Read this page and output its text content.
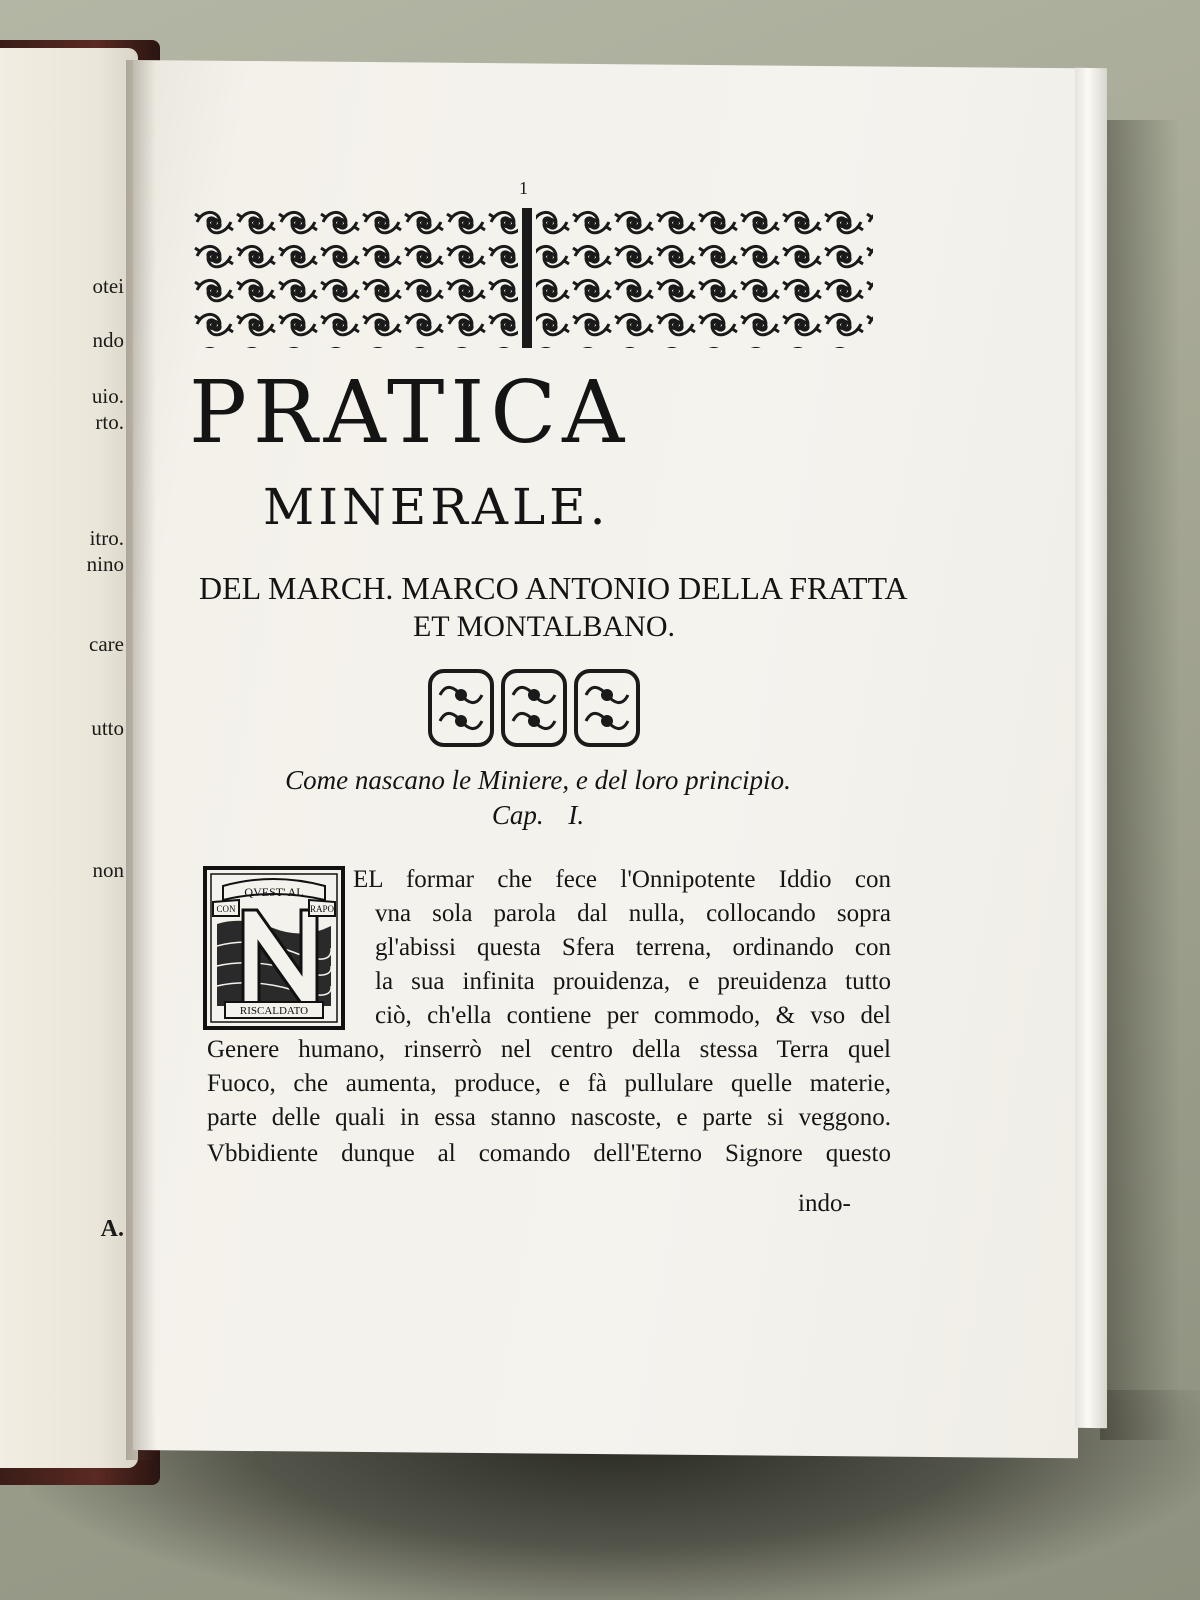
otei
ndo
uio.
rto.
itro.
nino
care
utto
non
A.
1
PRATICA
MINERALE.
DEL MARCH. MARCO ANTONIO DELLA FRATTA
ET MONTALBANO.
Come nascano le Miniere, e del loro principio.
Cap. I.
QVEST' AL
CON	RAPO
RISCALDATO
EL formar che fece l'Onnipotente Iddio con
vna sola parola dal nulla, collocando sopra
gl'abissi questa Sfera terrena, ordinando con
la sua infinita prouidenza, e preuidenza tutto
ciò, ch'ella contiene per commodo, & vso del
Genere humano, rinserrò nel centro della stessa Terra quel
Fuoco, che aumenta, produce, e fà pullulare quelle materie,
parte delle quali in essa stanno nascoste, e parte si veggono.
Vbbidiente dunque al comando dell'Eterno Signore questo
indo-
